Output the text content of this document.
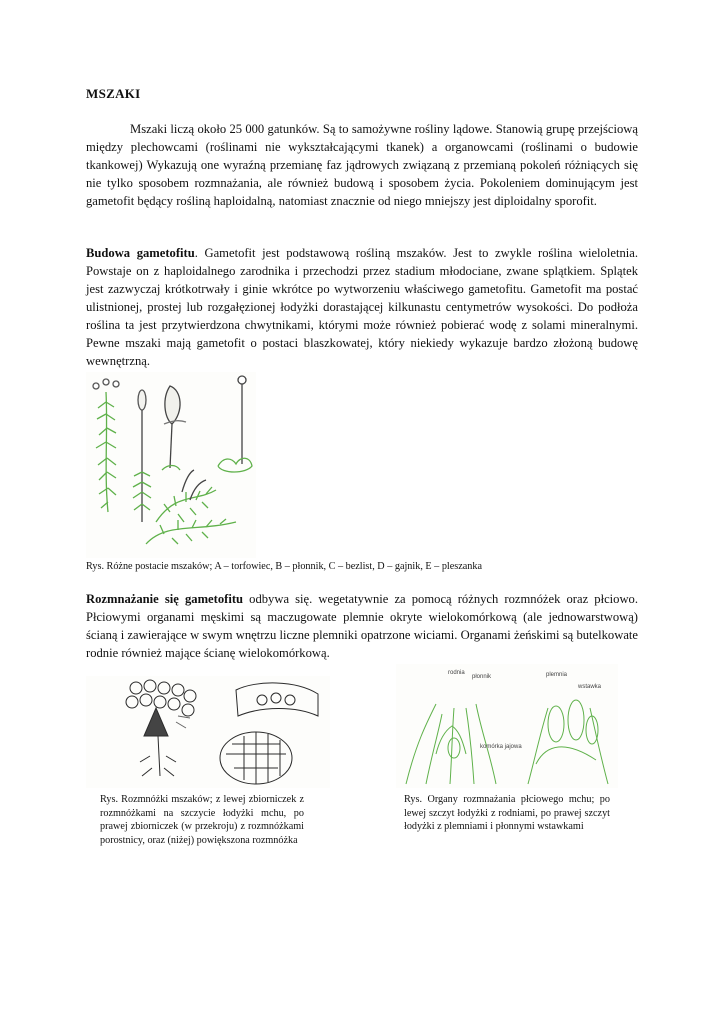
MSZAKI

Mszaki liczą około 25 000 gatunków. Są to samożywne rośliny lądowe. Stanowią grupę przejściową między plechowcami (roślinami nie wykształcającymi tkanek) a organowcami (roślinami o budowie tkankowej) Wykazują one wyraźną przemianę faz jądrowych związaną z przemianą pokoleń różniących się nie tylko sposobem rozmnażania, ale również budową i sposobem życia. Pokoleniem dominującym jest gametofit będący rośliną haploidalną, natomiast znacznie od niego mniejszy jest diploidalny sporofit.

Budowa gametofitu. Gametofit jest podstawową rośliną mszaków. Jest to zwykle roślina wieloletnia. Powstaje on z haploidalnego zarodnika i przechodzi przez stadium młodociane, zwane splątkiem. Splątek jest zazwyczaj krótkotrwały i ginie wkrótce po wytworzeniu właściwego gametofitu. Gametofit ma postać ulistnionej, prostej lub rozgałęzionej łodyżki dorastającej kilkunastu centymetrów wysokości. Do podłoża roślina ta jest przytwierdzona chwytnikami, którymi może również pobierać wodę z solami mineralnymi. Pewne mszaki mają gametofit o postaci blaszkowatej, który niekiedy wykazuje bardzo złożoną budowę wewnętrzną.

Rys. Różne postacie mszaków; A – torfowiec, B – płonnik, C – bezlist, D – gajnik, E – pleszanka

Rozmnażanie się gametofitu odbywa się. wegetatywnie za pomocą różnych rozmnóżek oraz płciowo. Płciowymi organami męskimi są maczugowate plemnie okryte wielokomórkową (ale jednowarstwową) ścianą i zawierające w swym wnętrzu liczne plemniki opatrzone wiciami. Organami żeńskimi są butelkowate rodnie również mające ścianę wielokomórkową.

rodnia
płonnik	plemnia
wstawka
komórka jajowa

Rys. Rozmnóżki mszaków; z lewej zbiorniczek z rozmnóżkami na szczycie łodyżki mchu, po prawej zbiorniczek (w przekroju) z rozmnóżkami porostnicy, oraz (niżej) powiększona rozmnóżka

Rys. Organy rozmnażania płciowego mchu; po lewej szczyt łodyżki z rodniami, po prawej szczyt łodyżki z plemniami i płonnymi wstawkami
